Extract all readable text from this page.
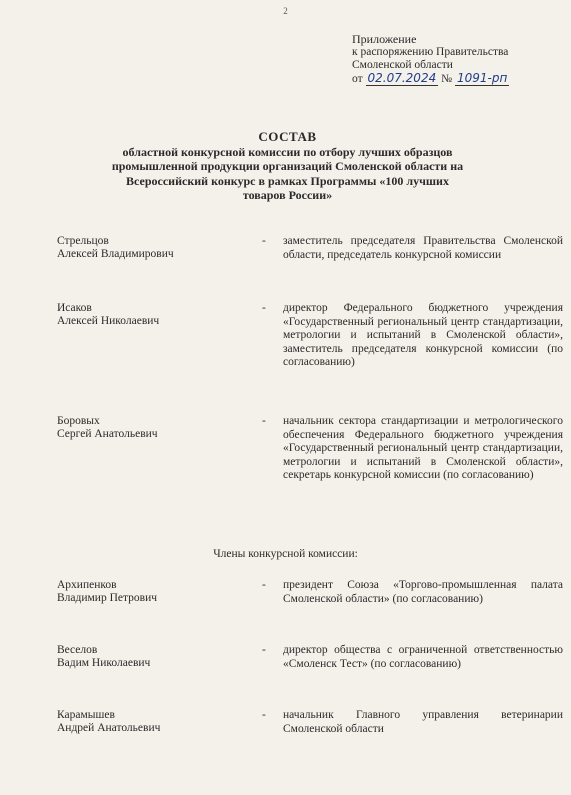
2
Приложение
к распоряжению Правительства
Смоленской области
от 02.07.2024 № 1091-рп
СОСТАВ
областной конкурсной комиссии по отбору лучших образцов промышленной продукции организаций Смоленской области на Всероссийский конкурс в рамках Программы «100 лучших товаров России»
Стрельцов
Алексей Владимирович
- заместитель председателя Правительства Смоленской области, председатель конкурсной комиссии
Исаков
Алексей Николаевич
- директор Федерального бюджетного учреждения «Государственный региональный центр стандартизации, метрологии и испытаний в Смоленской области», заместитель председателя конкурсной комиссии (по согласованию)
Боровых
Сергей Анатольевич
- начальник сектора стандартизации и метрологического обеспечения Федерального бюджетного учреждения «Государственный региональный центр стандартизации, метрологии и испытаний в Смоленской области», секретарь конкурсной комиссии (по согласованию)
Члены конкурсной комиссии:
Архипенков
Владимир Петрович
- президент Союза «Торгово-промышленная палата Смоленской области» (по согласованию)
Веселов
Вадим Николаевич
- директор общества с ограниченной ответственностью «Смоленск Тест» (по согласованию)
Карамышев
Андрей Анатольевич
- начальник Главного управления ветеринарии Смоленской области
